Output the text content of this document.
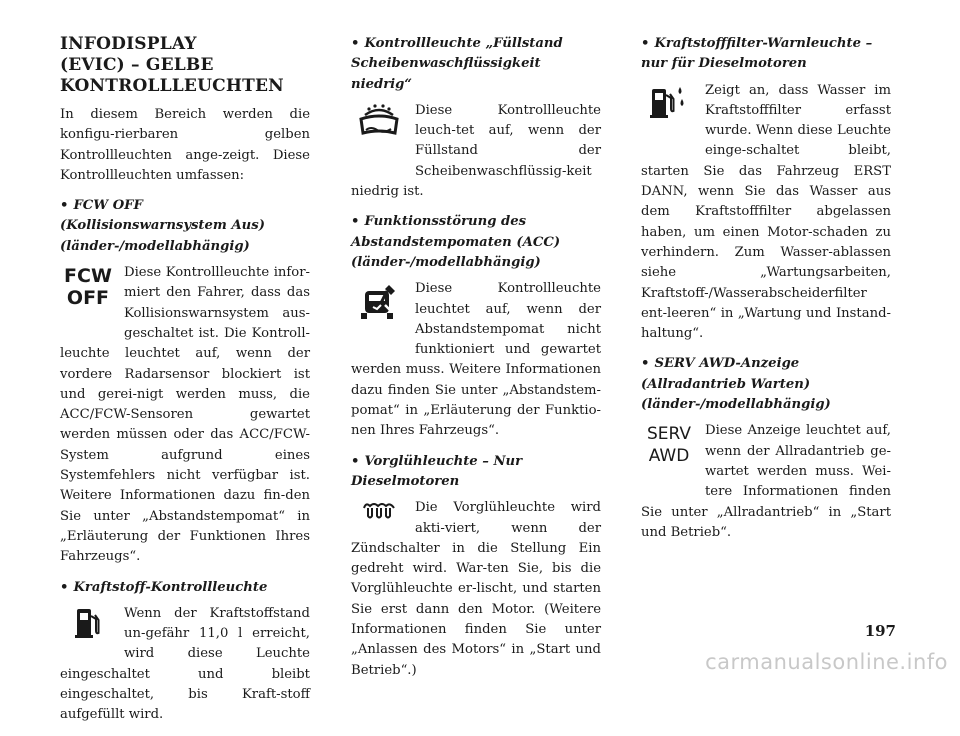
INFODISPLAY
(EVIC) – GELBE
KONTROLLLEUCHTEN

In diesem Bereich werden die konfigu-rierbaren gelben Kontrollleuchten ange-zeigt. Diese Kontrollleuchten umfassen:

• FCW OFF (Kollisionswarnsystem Aus) (länder-/modellabhängig)
FCW
OFF

Diese Kontrollleuchte infor-miert den Fahrer, dass das Kollisionswarnsystem aus-geschaltet ist. Die Kontroll-leuchte leuchtet auf, wenn der vordere Radarsensor blockiert ist und gerei-nigt werden muss, die ACC/FCW-Sensoren gewartet werden müssen oder das ACC/FCW-System aufgrund eines Systemfehlers nicht verfügbar ist. Weitere Informationen dazu fin-den Sie unter „Abstandstempomat“ in „Erläuterung der Funktionen Ihres Fahrzeugs“.

• Kraftstoff-Kontrollleuchte

Wenn der Kraftstoffstand un-gefähr 11,0 l erreicht, wird diese Leuchte eingeschaltet und bleibt eingeschaltet, bis Kraft-stoff aufgefüllt wird.

• Kontrollleuchte „Füllstand Scheibenwaschflüssigkeit niedrig“

Diese Kontrollleuchte leuch-tet auf, wenn der Füllstand der Scheibenwaschflüssig-keit niedrig ist.

• Funktionsstörung des Abstandstempomaten (ACC) (länder-/modellabhängig)

Diese Kontrollleuchte leuchtet auf, wenn der Abstandstempomat nicht funktioniert und gewartet werden muss. Weitere Informationen dazu finden Sie unter „Abstandstem-pomat“ in „Erläuterung der Funktio-nen Ihres Fahrzeugs“.

• Vorglühleuchte – Nur Dieselmotoren

Die Vorglühleuchte wird akti-viert, wenn der Zündschalter in die Stellung Ein gedreht wird. War-ten Sie, bis die Vorglühleuchte er-lischt, und starten Sie erst dann den Motor. (Weitere Informationen finden Sie unter „Anlassen des Motors“ in „Start und Betrieb“.)

• Kraftstofffilter-Warnleuchte – nur für Dieselmotoren

Zeigt an, dass Wasser im Kraftstofffilter erfasst wurde. Wenn diese Leuchte einge-schaltet bleibt, starten Sie das Fahrzeug ERST DANN, wenn Sie das Wasser aus dem Kraftstofffilter abgelassen haben, um einen Motor-schaden zu verhindern. Zum Wasser-ablassen siehe „Wartungsarbeiten, Kraftstoff-/Wasserabscheiderfilter ent-leeren“ in „Wartung und Instand-haltung“.

• SERV AWD-Anzeige (Allradantrieb Warten) (länder-/modellabhängig)
SERV
AWD

Diese Anzeige leuchtet auf, wenn der Allradantrieb ge-wartet werden muss. Wei-tere Informationen finden Sie unter „Allradantrieb“ in „Start und Betrieb“.

197
carmanualsonline.info
